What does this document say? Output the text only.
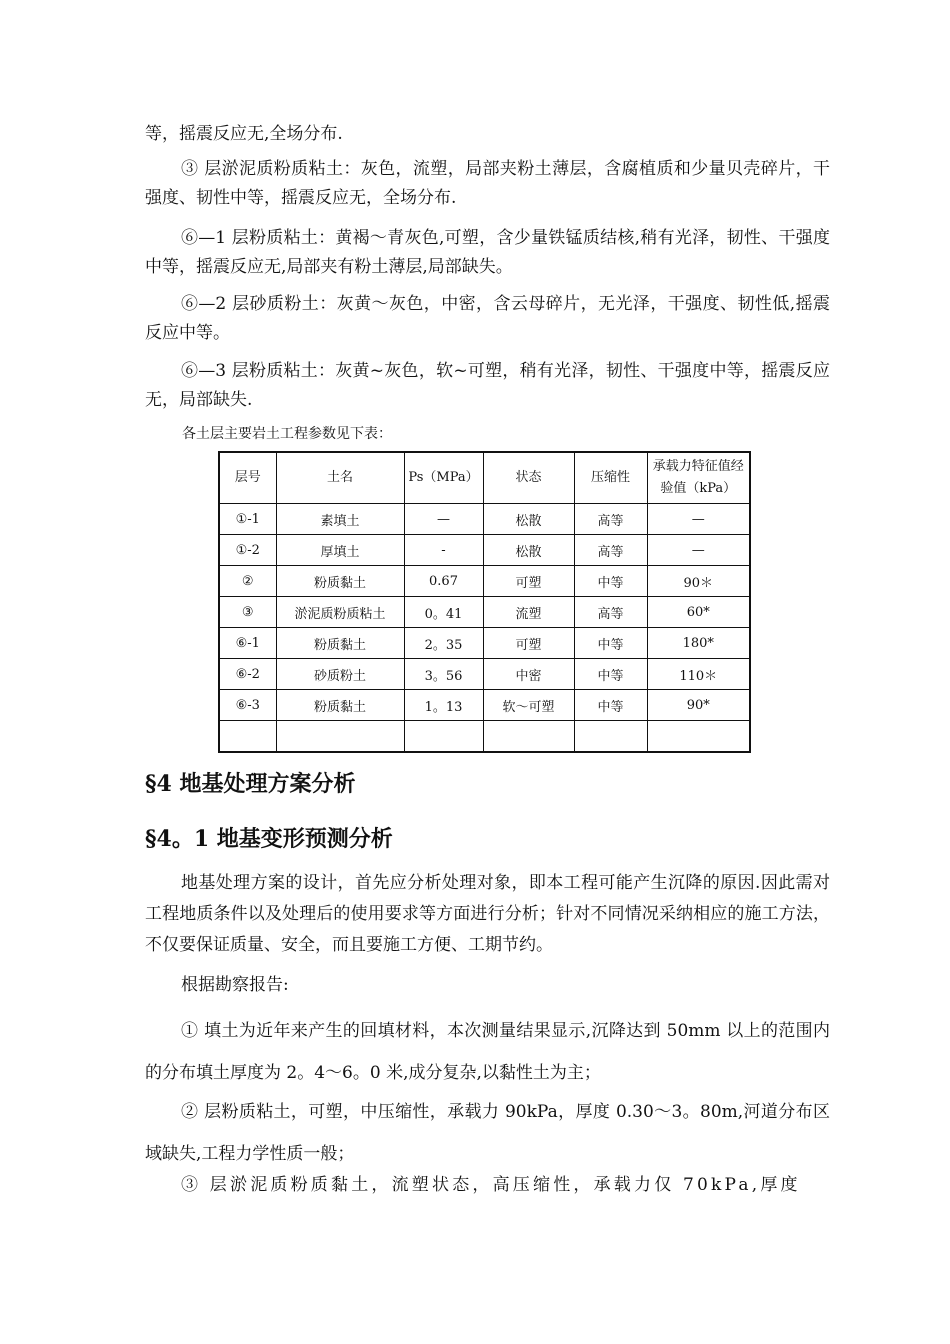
等，摇震反应无,全场分布.

③ 层淤泥质粉质粘土：灰色，流塑，局部夹粉土薄层，含腐植质和少量贝壳碎片，干强度、韧性中等，摇震反应无，全场分布.

⑥—1 层粉质粘土：黄褐～青灰色,可塑，含少量铁锰质结核,稍有光泽，韧性、干强度中等，摇震反应无,局部夹有粉土薄层,局部缺失。

⑥—2 层砂质粉土：灰黄～灰色，中密，含云母碎片，无光泽，干强度、韧性低,摇震反应中等。

⑥—3 层粉质粘土：灰黄~灰色，软~可塑，稍有光泽，韧性、干强度中等，摇震反应无，局部缺失.

各土层主要岩土工程参数见下表：
层号	土名	Ps（MPa）	状态	压缩性	承载力特征值经验值（kPa）
①-1	素填土	—	松散	高等	—
①-2	厚填土	-	松散	高等	—
②	粉质黏土	0.67	可塑	中等	90＊
③	淤泥质粉质粘土	0。41	流塑	高等	60*
⑥-1	粉质黏土	2。35	可塑	中等	180*
⑥-2	砂质粉土	3。56	中密	中等	110＊
⑥-3	粉质黏土	1。13	软～可塑	中等	90*

§4 地基处理方案分析
§4。1 地基变形预测分析

地基处理方案的设计，首先应分析处理对象，即本工程可能产生沉降的原因.因此需对工程地质条件以及处理后的使用要求等方面进行分析；针对不同情况采纳相应的施工方法，不仅要保证质量、安全，而且要施工方便、工期节约。

根据勘察报告:

① 填土为近年来产生的回填材料，本次测量结果显示,沉降达到 50mm 以上的范围内的分布填土厚度为 2。4～6。0 米,成分复杂,以黏性土为主；

② 层粉质粘土，可塑，中压缩性，承载力 90kPa，厚度 0.30～3。80m,河道分布区域缺失,工程力学性质一般；

③ 层淤泥质粉质黏土，流塑状态，高压缩性，承载力仅 70kPa,厚度
